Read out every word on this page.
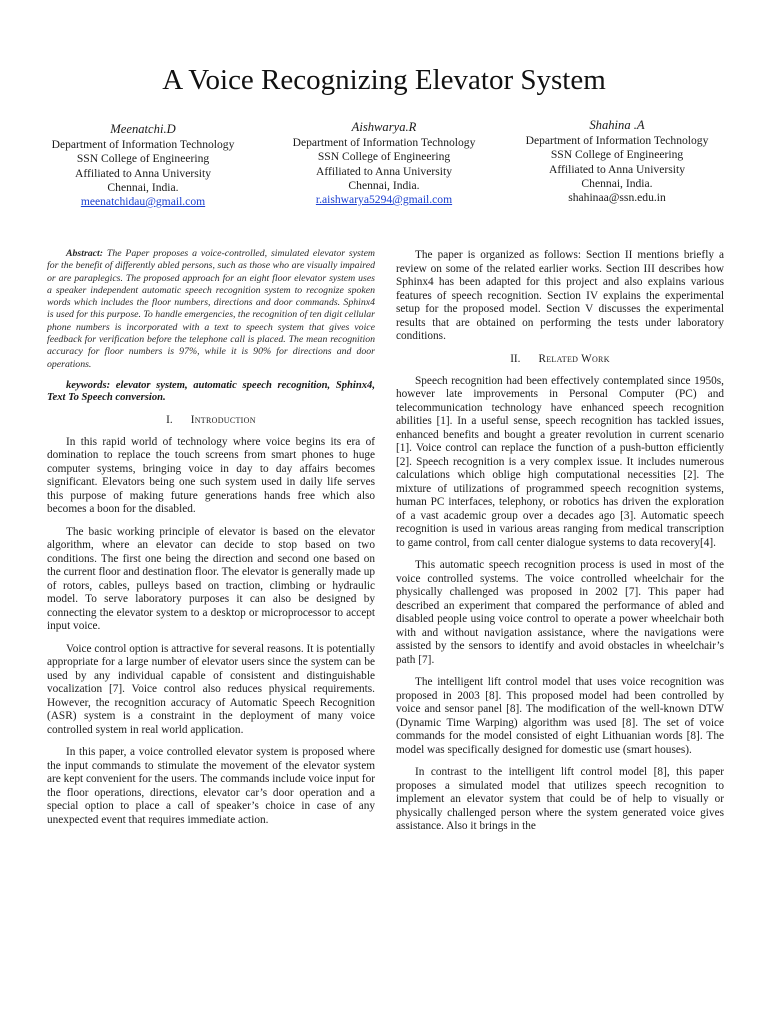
A Voice Recognizing Elevator System
Meenatchi.D
Department of Information Technology
SSN College of Engineering
Affiliated to Anna University
Chennai, India.
meenatchidau@gmail.com
Aishwarya.R
Department of Information Technology
SSN College of Engineering
Affiliated to Anna University
Chennai, India.
r.aishwarya5294@gmail.com
Shahina .A
Department of Information Technology
SSN College of Engineering
Affiliated to Anna University
Chennai, India.
shahinaa@ssn.edu.in

Abstract: The Paper proposes a voice-controlled, simulated elevator system for the benefit of differently abled persons, such as those who are visually impaired or are paraplegics. The proposed approach for an eight floor elevator system uses a speaker independent automatic speech recognition system to recognize spoken words which includes the floor numbers, directions and door commands. Sphinx4 is used for this purpose. To handle emergencies, the recognition of ten digit cellular phone numbers is incorporated with a text to speech system that gives voice feedback for verification before the telephone call is placed. The mean recognition accuracy for floor numbers is 97%, while it is 90% for directions and door operations.

keywords: elevator system, automatic speech recognition, Sphinx4, Text To Speech conversion.

I. Introduction

In this rapid world of technology where voice begins its era of domination to replace the touch screens from smart phones to huge computer systems, bringing voice in day to day affairs becomes significant. Elevators being one such system used in daily life serves this purpose of making future generations hands free which also becomes a boon for the disabled.

The basic working principle of elevator is based on the elevator algorithm, where an elevator can decide to stop based on two conditions. The first one being the direction and second one based on the current floor and destination floor. The elevator is generally made up of rotors, cables, pulleys based on traction, climbing or hydraulic model. To serve laboratory purposes it can also be designed by connecting the elevator system to a desktop or microprocessor to accept input voice.

Voice control option is attractive for several reasons. It is potentially appropriate for a large number of elevator users since the system can be used by any individual capable of consistent and distinguishable vocalization [7]. Voice control also reduces physical requirements. However, the recognition accuracy of Automatic Speech Recognition (ASR) system is a constraint in the deployment of many voice controlled system in real world application.

In this paper, a voice controlled elevator system is proposed where the input commands to stimulate the movement of the elevator system are kept convenient for the users. The commands include voice input for the floor operations, directions, elevator car’s door operation and a special option to place a call of speaker’s choice in case of any unexpected event that requires immediate action.

The paper is organized as follows: Section II mentions briefly a review on some of the related earlier works. Section III describes how Sphinx4 has been adapted for this project and also explains various features of speech recognition. Section IV explains the experimental setup for the proposed model. Section V discusses the experimental results that are obtained on performing the tests under laboratory conditions.

II. Related Work

Speech recognition had been effectively contemplated since 1950s, however late improvements in Personal Computer (PC) and telecommunication technology have enhanced speech recognition abilities [1]. In a useful sense, speech recognition has tackled issues, enhanced benefits and bought a greater revolution in current scenario [1]. Voice control can replace the function of a push-button efficiently [2]. Speech recognition is a very complex issue. It includes numerous calculations which oblige high computational necessities [2]. The mixture of utilizations of programmed speech recognition systems, human PC interfaces, telephony, or robotics has driven the exploration of a vast academic group over a decades ago [3]. Automatic speech recognition is used in various areas ranging from medical transcription to game control, from call center dialogue systems to data recovery[4].

This automatic speech recognition process is used in most of the voice controlled systems. The voice controlled wheelchair for the physically challenged was proposed in 2002 [7]. This paper had described an experiment that compared the performance of abled and disabled people using voice control to operate a power wheelchair both with and without navigation assistance, where the navigations were assisted by the sensors to identify and avoid obstacles in wheelchair’s path [7].

The intelligent lift control model that uses voice recognition was proposed in 2003 [8]. This proposed model had been controlled by voice and sensor panel [8]. The modification of the well-known DTW (Dynamic Time Warping) algorithm was used [8]. The set of voice commands for the model consisted of eight Lithuanian words [8]. The model was specifically designed for domestic use (smart houses).

In contrast to the intelligent lift control model [8], this paper proposes a simulated model that utilizes speech recognition to implement an elevator system that could be of help to visually or physically challenged person where the system generated voice gives assistance. Also it brings in the
